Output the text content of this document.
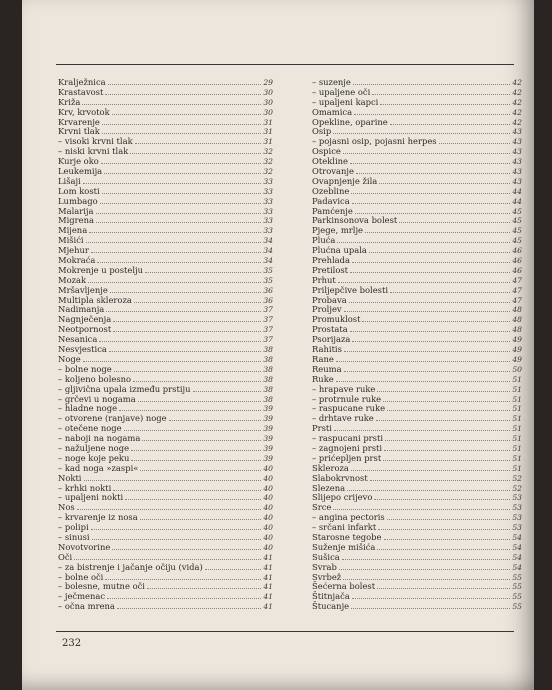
Kralježnica	29
Krastavost	30
Križa	30
Krv, krvotok	30
Krvarenje	31
Krvni tlak	31
– visoki krvni tlak	31
– niski krvni tlak	32
Kurje oko	32
Leukemija	32
Lišaji	33
Lom kosti	33
Lumbago	33
Malarija	33
Migrena	33
Mijena	33
Mišići	34
Mjehur	34
Mokraća	34
Mokrenje u postelju	35
Mozak	35
Mršavljenje	36
Multipla skleroza	36
Nadimanja	37
Nagnječenja	37
Neotpornost	37
Nesanica	37
Nesvjestica	38
Noge	38
– bolne noge	38
– koljeno bolesno	38
– gljivična upala između prstiju	38
– grčevi u nogama	38
– hladne noge	39
– otvorene (ranjave) noge	39
– otečene noge	39
– naboji na nogama	39
– nažuljene noge	39
– noge koje peku	39
– kad noga »zaspi«	40
Nokti	40
– krhki nokti	40
– upaljeni nokti	40
Nos	40
– krvarenje iz nosa	40
– polipi	40
– sinusi	40
Novotvorine	40
Oči	41
– za bistrenje i jačanje očiju (vida)	41
– bolne oči	41
– bolesne, mutne oči	41
– ječmenac	41
– očna mrena	41
– suzenje	42
– upaljene oči	42
– upaljeni kapci	42
Omamica	42
Opekline, oparine	42
Osip	43
– pojasni osip, pojasni herpes	43
Ospice	43
Otekline	43
Otrovanje	43
Ovapnjenje žila	43
Ozebline	44
Padavica	44
Pamćenje	45
Parkinsonova bolest	45
Pjege, mrlje	45
Pluća	45
Plućna upala	46
Prehlada	46
Pretilost	46
Prhut	47
Priljepčive bolesti	47
Probava	47
Proljev	48
Promuklost	48
Prostata	48
Psorijaza	49
Rahitis	49
Rane	49
Reuma	50
Ruke	51
– hrapave ruke	51
– protrnule ruke	51
– raspucane ruke	51
– drhtave ruke	51
Prsti	51
– raspucani prsti	51
– zagnojeni prsti	51
– prićepljen prst	51
Skleroza	51
Slabokrvnost	52
Slezena	52
Slijepo crijevo	53
Srce	53
– angina pectoris	53
– srčani infarkt	53
Starosne tegobe	54
Suženje mišića	54
Sušica	54
Svrab	54
Svrbež	55
Šećerna bolest	55
Štitnjača	55
Štucanje	55
232
